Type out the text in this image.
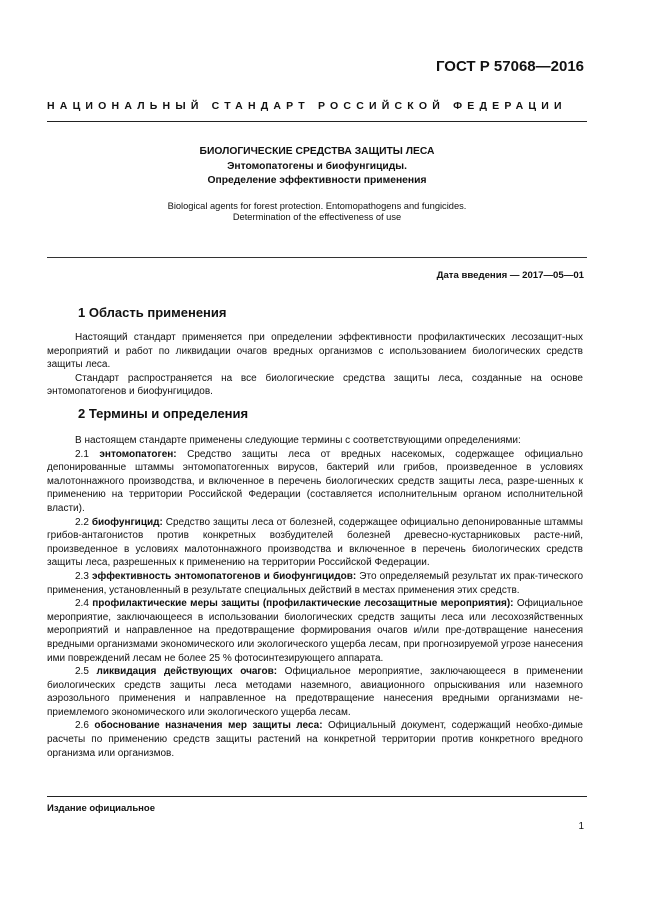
ГОСТ Р 57068—2016
НАЦИОНАЛЬНЫЙ СТАНДАРТ РОССИЙСКОЙ ФЕДЕРАЦИИ
БИОЛОГИЧЕСКИЕ СРЕДСТВА ЗАЩИТЫ ЛЕСА
Энтомопатогены и биофунгициды.
Определение эффективности применения
Biological agents for forest protection. Entomopathogens and fungicides.
Determination of the effectiveness of use
Дата введения — 2017—05—01
1 Область применения

Настоящий стандарт применяется при определении эффективности профилактических лесозащит-ных мероприятий и работ по ликвидации очагов вредных организмов с использованием биологических средств защиты леса.

Стандарт распространяется на все биологические средства защиты леса, созданные на основе энтомопатогенов и биофунгицидов.

2 Термины и определения

В настоящем стандарте применены следующие термины с соответствующими определениями:

2.1 энтомопатоген: Средство защиты леса от вредных насекомых, содержащее официально депонированные штаммы энтомопатогенных вирусов, бактерий или грибов, произведенное в условиях малотоннажного производства, и включенное в перечень биологических средств защиты леса, разре-шенных к применению на территории Российской Федерации (составляется исполнительным органом исполнительной власти).

2.2 биофунгицид: Средство защиты леса от болезней, содержащее официально депонированные штаммы грибов-антагонистов против конкретных возбудителей болезней древесно-кустарниковых расте-ний, произведенное в условиях малотоннажного производства и включенное в перечень биологических средств защиты леса, разрешенных к применению на территории Российской Федерации.

2.3 эффективность энтомопатогенов и биофунгицидов: Это определяемый результат их прак-тического применения, установленный в результате специальных действий в местах применения этих средств.

2.4 профилактические меры защиты (профилактические лесозащитные мероприятия): Официальное мероприятие, заключающееся в использовании биологических средств защиты леса или лесохозяйственных мероприятий и направленное на предотвращение формирования очагов и/или пре-дотвращение нанесения вредными организмами экономического или экологического ущерба лесам, при прогнозируемой угрозе нанесения ими повреждений лесам не более 25 % фотосинтезирующего аппарата.

2.5 ликвидация действующих очагов: Официальное мероприятие, заключающееся в применении биологических средств защиты леса методами наземного, авиационного опрыскивания или наземного аэрозольного применения и направленное на предотвращение нанесения вредными организмами не-приемлемого экономического или экологического ущерба лесам.

2.6 обоснование назначения мер защиты леса: Официальный документ, содержащий необхо-димые расчеты по применению средств защиты растений на конкретной территории против конкретного вредного организма или организмов.

Издание официальное
1
